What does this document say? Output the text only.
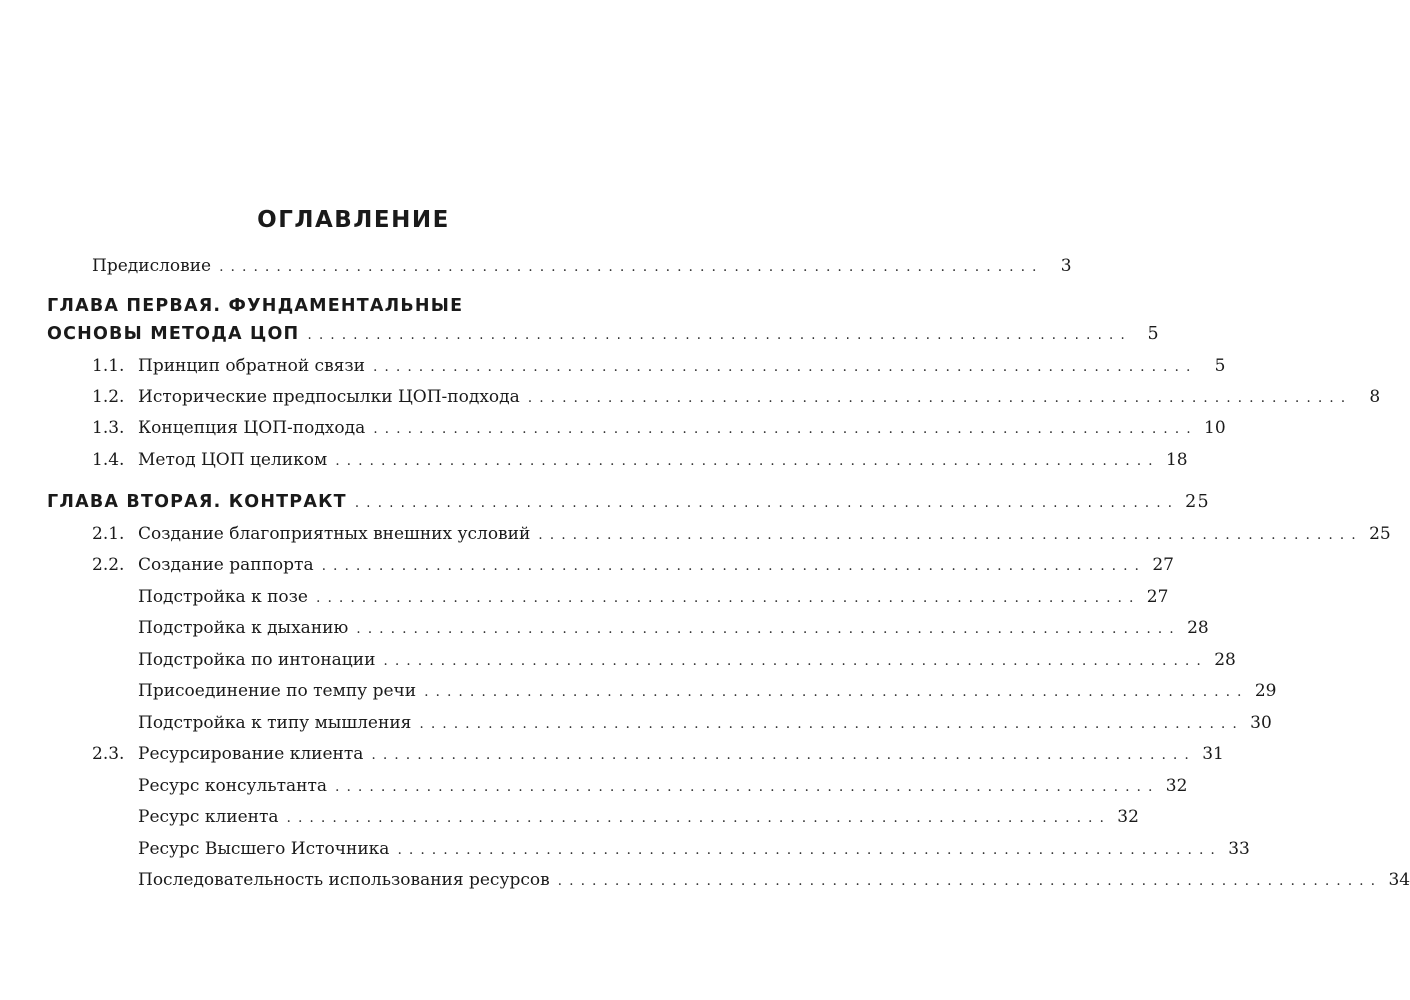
ОГЛАВЛЕНИЕ
Предисловие ........................................................................	3
ГЛАВА ПЕРВАЯ. ФУНДАМЕНТАЛЬНЫЕ
ОСНОВЫ МЕТОДА ЦОП ........................................................................ 5
1.1. Принцип обратной связи ........................................................................	5
1.2. Исторические предпосылки ЦОП-подхода ........................................................................	8
1.3. Концепция ЦОП-подхода ........................................................................ 10
1.4. Метод ЦОП целиком ........................................................................ 18
ГЛАВА ВТОРАЯ. КОНТРАКТ ........................................................................ 25
2.1. Создание благоприятных внешних условий ........................................................................ 25
2.2. Создание раппорта ........................................................................ 27
Подстройка к позе ........................................................................ 27
Подстройка к дыханию ........................................................................ 28
Подстройка по интонации ........................................................................ 28
Присоединение по темпу речи ........................................................................ 29
Подстройка к типу мышления ........................................................................ 30
2.3. Ресурсирование клиента ........................................................................ 31
Ресурс консультанта ........................................................................ 32
Ресурс клиента ........................................................................ 32
Ресурс Высшего Источника ........................................................................ 33
Последовательность использования ресурсов ........................................................................ 34
